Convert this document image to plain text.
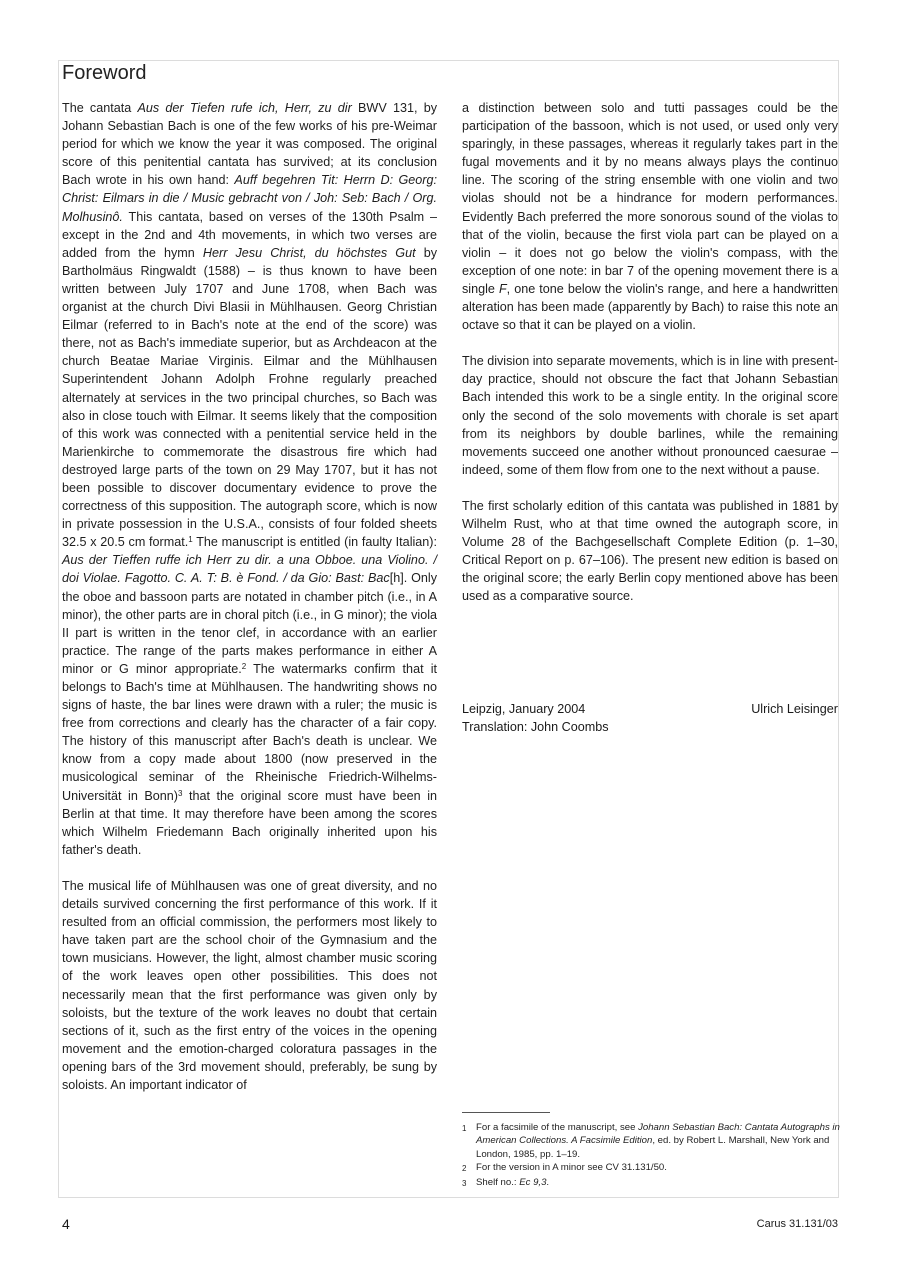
Foreword

The cantata Aus der Tiefen rufe ich, Herr, zu dir BWV 131, by Johann Sebastian Bach is one of the few works of his pre-Weimar period for which we know the year it was composed. The original score of this penitential cantata has survived; at its conclusion Bach wrote in his own hand: Auff begehren Tit: Herrn D: Georg: Christ: Eilmars in die / Music gebracht von / Joh: Seb: Bach / Org. Molhusinô. This cantata, based on verses of the 130th Psalm – except in the 2nd and 4th movements, in which two verses are added from the hymn Herr Jesu Christ, du höchstes Gut by Bartholmäus Ringwaldt (1588) – is thus known to have been written between July 1707 and June 1708, when Bach was organist at the church Divi Blasii in Mühlhausen. Georg Christian Eilmar (referred to in Bach's note at the end of the score) was there, not as Bach's immediate superior, but as Archdeacon at the church Beatae Mariae Virginis. Eilmar and the Mühlhausen Superintendent Johann Adolph Frohne regularly preached alternately at services in the two principal churches, so Bach was also in close touch with Eilmar. It seems likely that the composition of this work was connected with a penitential service held in the Marienkirche to commemorate the disastrous fire which had destroyed large parts of the town on 29 May 1707, but it has not been possible to discover documentary evidence to prove the correctness of this supposition. The autograph score, which is now in private possession in the U.S.A., consists of four folded sheets 32.5 x 20.5 cm format.$^1$ The manuscript is entitled (in faulty Italian): Aus der Tieffen ruffe ich Herr zu dir. a una Obboe. una Violino. / doi Violae. Fagotto. C. A. T: B. è Fond. / da Gio: Bast: Bac[h]. Only the oboe and bassoon parts are notated in chamber pitch (i.e., in A minor), the other parts are in choral pitch (i.e., in G minor); the viola II part is written in the tenor clef, in accordance with an earlier practice. The range of the parts makes performance in either A minor or G minor appropriate.$^2$ The watermarks confirm that it belongs to Bach's time at Mühlhausen. The handwriting shows no signs of haste, the bar lines were drawn with a ruler; the music is free from corrections and clearly has the character of a fair copy. The history of this manuscript after Bach's death is unclear. We know from a copy made about 1800 (now preserved in the musicological seminar of the Rheinische Friedrich-Wilhelms-Universität in Bonn)$^3$ that the original score must have been in Berlin at that time. It may therefore have been among the scores which Wilhelm Friedemann Bach originally inherited upon his father's death.

The musical life of Mühlhausen was one of great diversity, and no details survived concerning the first performance of this work. If it resulted from an official commission, the performers most likely to have taken part are the school choir of the Gymnasium and the town musicians. However, the light, almost chamber music scoring of the work leaves open other possibilities. This does not necessarily mean that the first performance was given only by soloists, but the texture of the work leaves no doubt that certain sections of it, such as the first entry of the voices in the opening movement and the emotion-charged coloratura passages in the opening bars of the 3rd movement should, preferably, be sung by soloists. An important indicator of

a distinction between solo and tutti passages could be the participation of the bassoon, which is not used, or used only very sparingly, in these passages, whereas it regularly takes part in the fugal movements and it by no means always plays the continuo line. The scoring of the string ensemble with one violin and two violas should not be a hindrance for modern performances. Evidently Bach preferred the more sonorous sound of the violas to that of the violin, because the first viola part can be played on a violin – it does not go below the violin's compass, with the exception of one note: in bar 7 of the opening movement there is a single F, one tone below the violin's range, and here a handwritten alteration has been made (apparently by Bach) to raise this note an octave so that it can be played on a violin.

The division into separate movements, which is in line with present-day practice, should not obscure the fact that Johann Sebastian Bach intended this work to be a single entity. In the original score only the second of the solo movements with chorale is set apart from its neighbors by double barlines, while the remaining movements succeed one another without pronounced caesurae – indeed, some of them flow from one to the next without a pause.

The first scholarly edition of this cantata was published in 1881 by Wilhelm Rust, who at that time owned the autograph score, in Volume 28 of the Bachgesellschaft Complete Edition (p. 1–30, Critical Report on p. 67–106). The present new edition is based on the original score; the early Berlin copy mentioned above has been used as a comparative source.

Leipzig, January 2004	Ulrich Leisinger
Translation: John Coombs
1 For a facsimile of the manuscript, see Johann Sebastian Bach: Cantata Autographs in American Collections. A Facsimile Edition, ed. by Robert L. Marshall, New York and London, 1985, pp. 1–19.
2 For the version in A minor see CV 31.131/50.
3 Shelf no.: Ec 9,3.
4	Carus 31.131/03
